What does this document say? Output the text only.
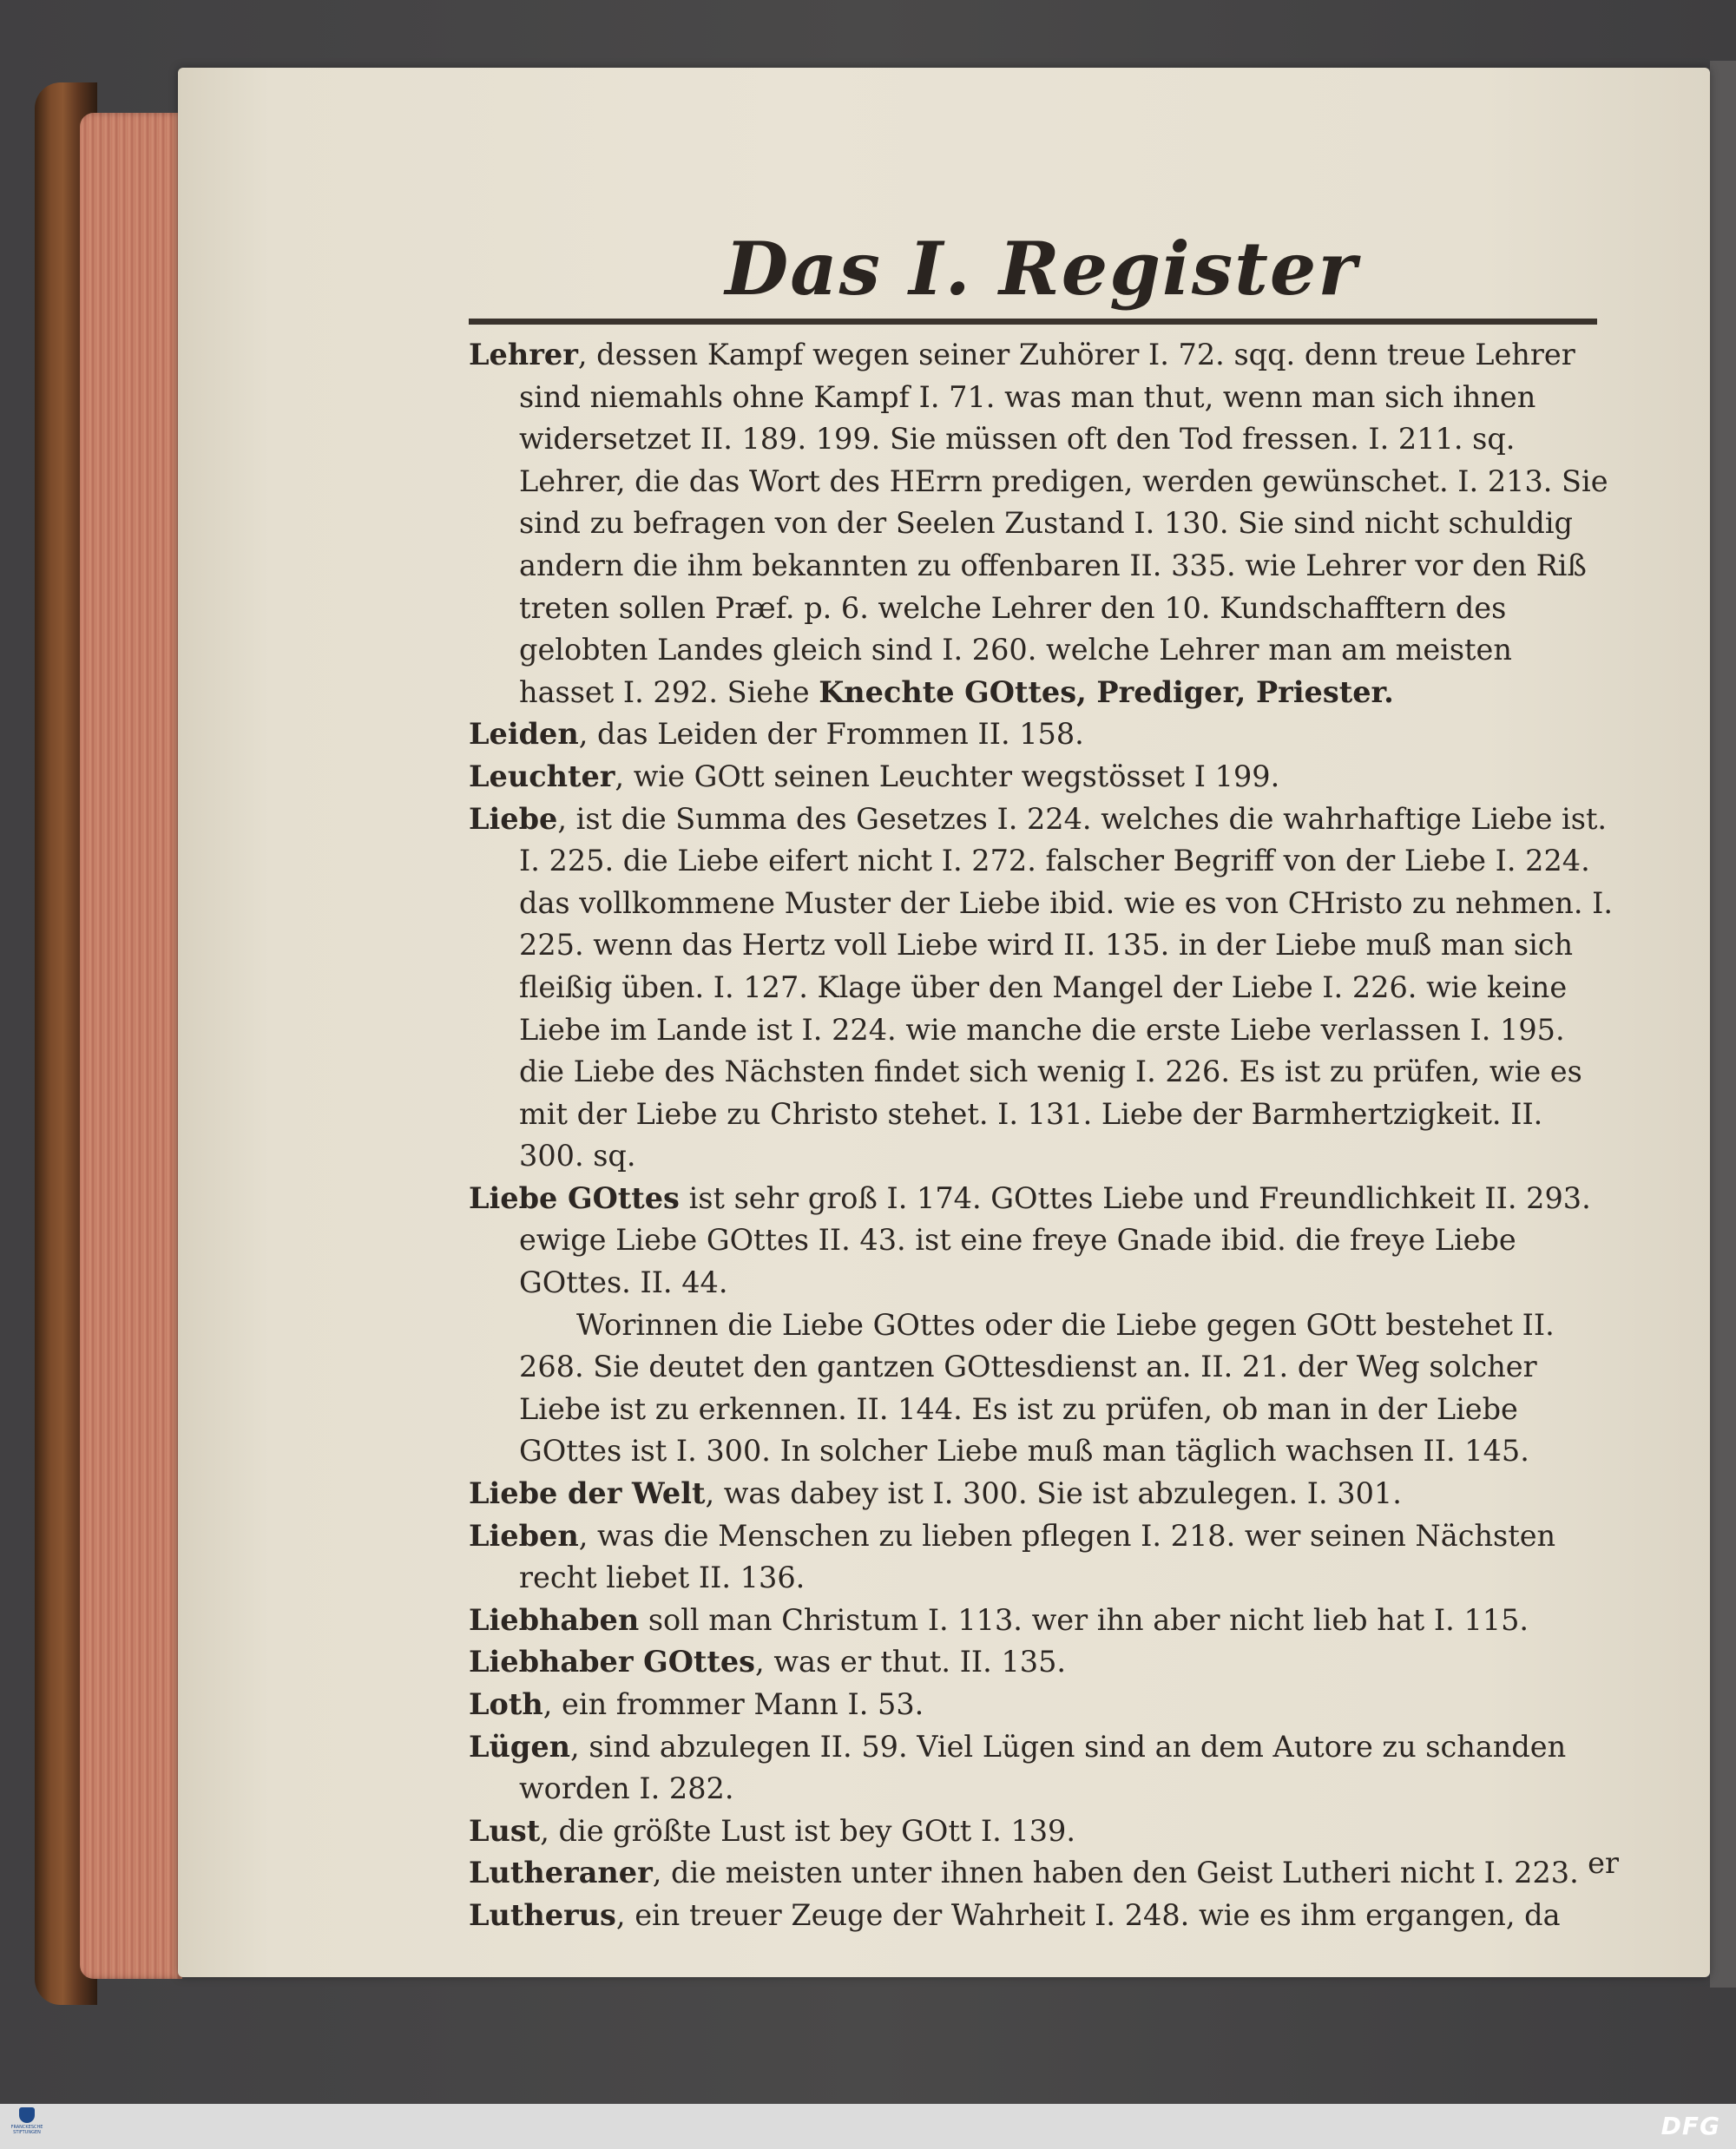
Das I. Register

Lehrer, dessen Kampf wegen seiner Zuhörer I. 72. sqq. denn treue Lehrer sind niemahls ohne Kampf I. 71. was man thut, wenn man sich ihnen widersetzet II. 189. 199. Sie müssen oft den Tod fressen. I. 211. sq. Lehrer, die das Wort des HErrn predigen, werden gewünschet. I. 213. Sie sind zu befragen von der Seelen Zustand I. 130. Sie sind nicht schuldig andern die ihm bekannten zu offenbaren II. 335. wie Lehrer vor den Riß treten sollen Præf. p. 6. welche Lehrer den 10. Kundschafftern des gelobten Landes gleich sind I. 260. welche Lehrer man am meisten hasset I. 292. Siehe Knechte GOttes, Prediger, Priester.

Leiden, das Leiden der Frommen II. 158.

Leuchter, wie GOtt seinen Leuchter wegstösset I 199.

Liebe, ist die Summa des Gesetzes I. 224. welches die wahrhaftige Liebe ist. I. 225. die Liebe eifert nicht I. 272. falscher Begriff von der Liebe I. 224. das vollkommene Muster der Liebe ibid. wie es von CHristo zu nehmen. I. 225. wenn das Hertz voll Liebe wird II. 135. in der Liebe muß man sich fleißig üben. I. 127. Klage über den Mangel der Liebe I. 226. wie keine Liebe im Lande ist I. 224. wie manche die erste Liebe verlassen I. 195. die Liebe des Nächsten findet sich wenig I. 226. Es ist zu prüfen, wie es mit der Liebe zu Christo stehet. I. 131. Liebe der Barmhertzigkeit. II. 300. sq.

Liebe GOttes ist sehr groß I. 174. GOttes Liebe und Freundlichkeit II. 293. ewige Liebe GOttes II. 43. ist eine freye Gnade ibid. die freye Liebe GOttes. II. 44.

Worinnen die Liebe GOttes oder die Liebe gegen GOtt bestehet II. 268. Sie deutet den gantzen GOttesdienst an. II. 21. der Weg solcher Liebe ist zu erkennen. II. 144. Es ist zu prüfen, ob man in der Liebe GOttes ist I. 300. In solcher Liebe muß man täglich wachsen II. 145.

Liebe der Welt, was dabey ist I. 300. Sie ist abzulegen. I. 301.

Lieben, was die Menschen zu lieben pflegen I. 218. wer seinen Nächsten recht liebet II. 136.

Liebhaben soll man Christum I. 113. wer ihn aber nicht lieb hat I. 115.

Liebhaber GOttes, was er thut. II. 135.

Loth, ein frommer Mann I. 53.

Lügen, sind abzulegen II. 59. Viel Lügen sind an dem Autore zu schanden worden I. 282.

Lust, die größte Lust ist bey GOtt I. 139.

Lutheraner, die meisten unter ihnen haben den Geist Lutheri nicht I. 223.

Lutherus, ein treuer Zeuge der Wahrheit I. 248. wie es ihm ergangen, da

er
FRANCKESCHE STIFTUNGEN	DFG
